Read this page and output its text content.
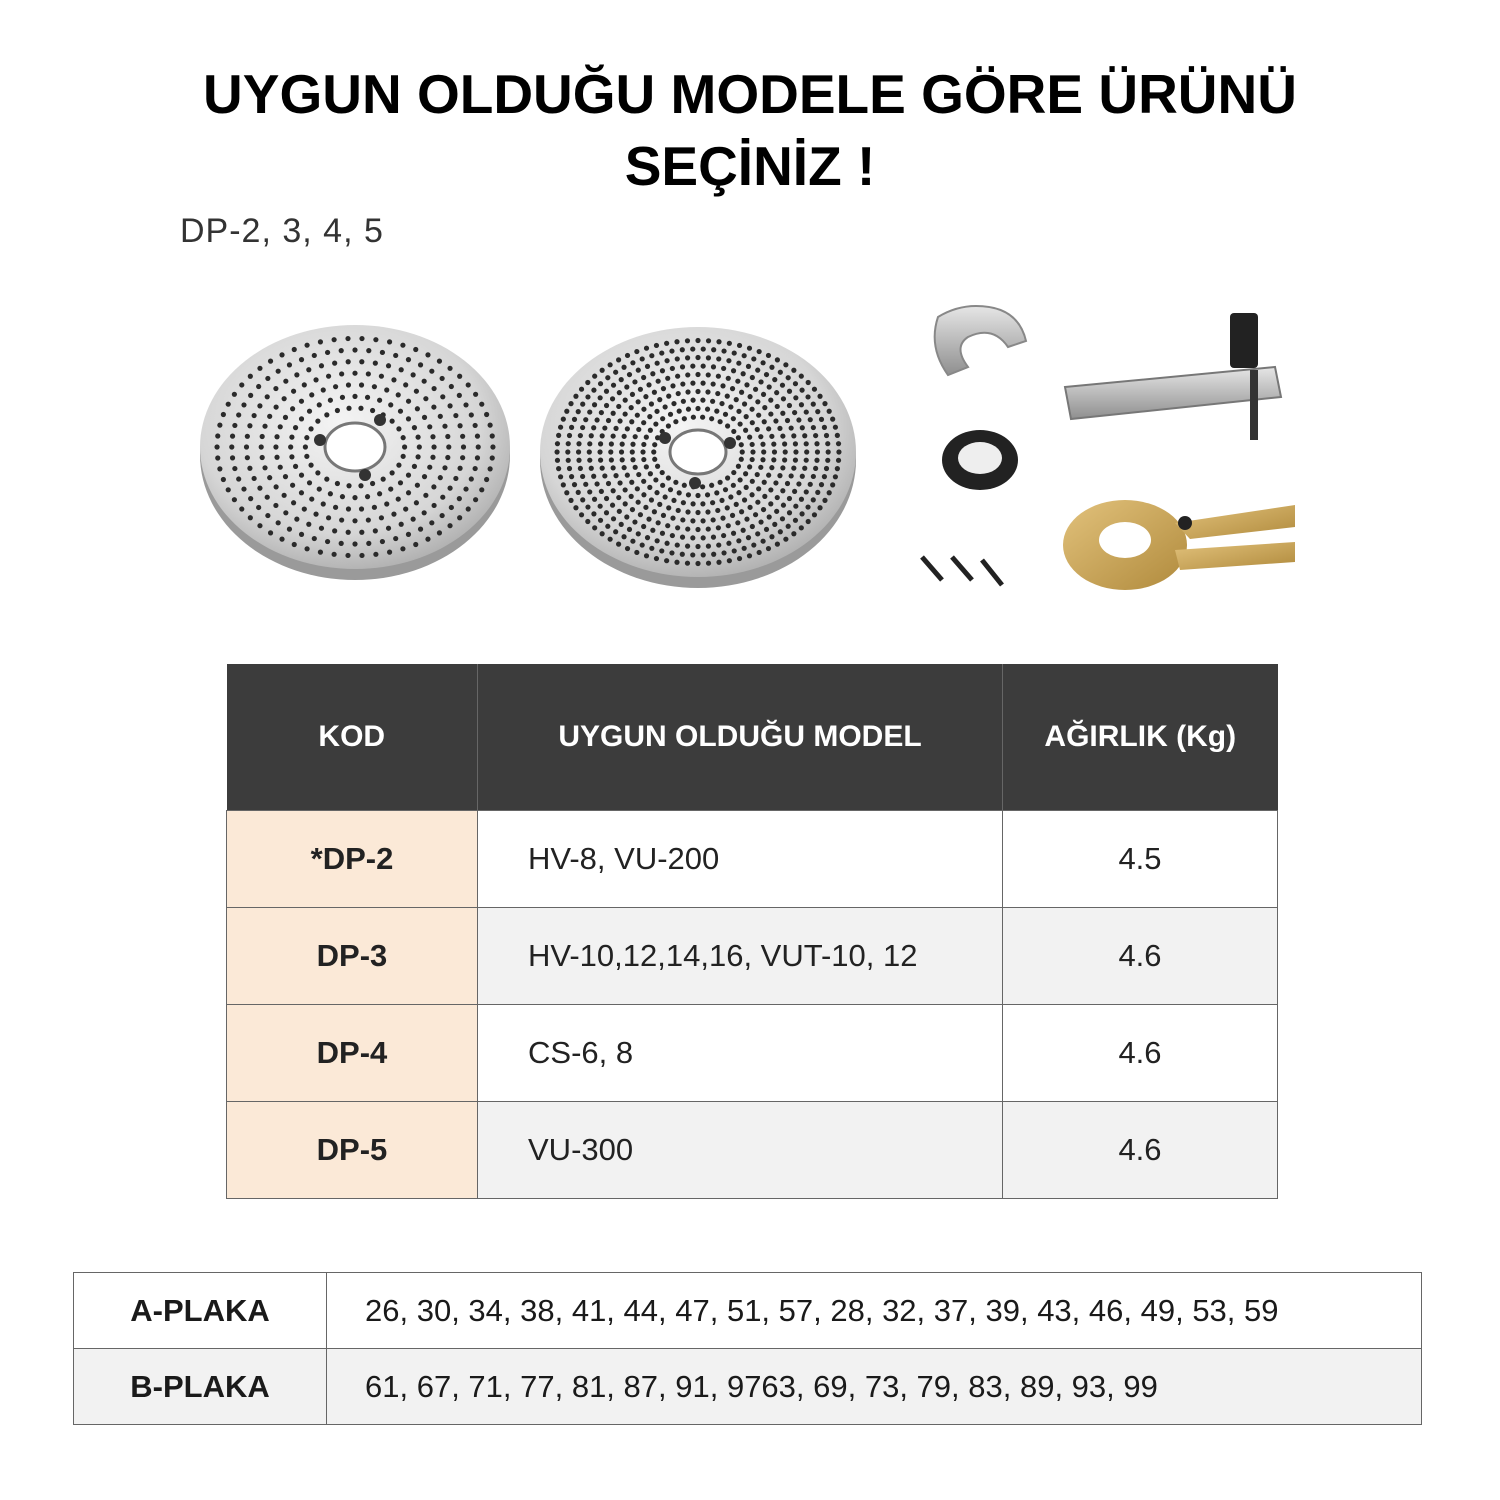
UYGUN OLDUĞU MODELE GÖRE ÜRÜNÜ
SEÇİNİZ !
DP-2, 3, 4, 5
KOD	UYGUN OLDUĞU MODEL	AĞIRLIK (Kg)
*DP-2	HV-8, VU-200	4.5
DP-3	HV-10,12,14,16, VUT-10, 12	4.6
DP-4	CS-6, 8	4.6
DP-5	VU-300	4.6
A-PLAKA	26, 30, 34, 38, 41, 44, 47, 51, 57, 28, 32, 37, 39, 43, 46, 49, 53, 59
B-PLAKA	61, 67, 71, 77, 81, 87, 91, 9763, 69, 73, 79, 83, 89, 93, 99
